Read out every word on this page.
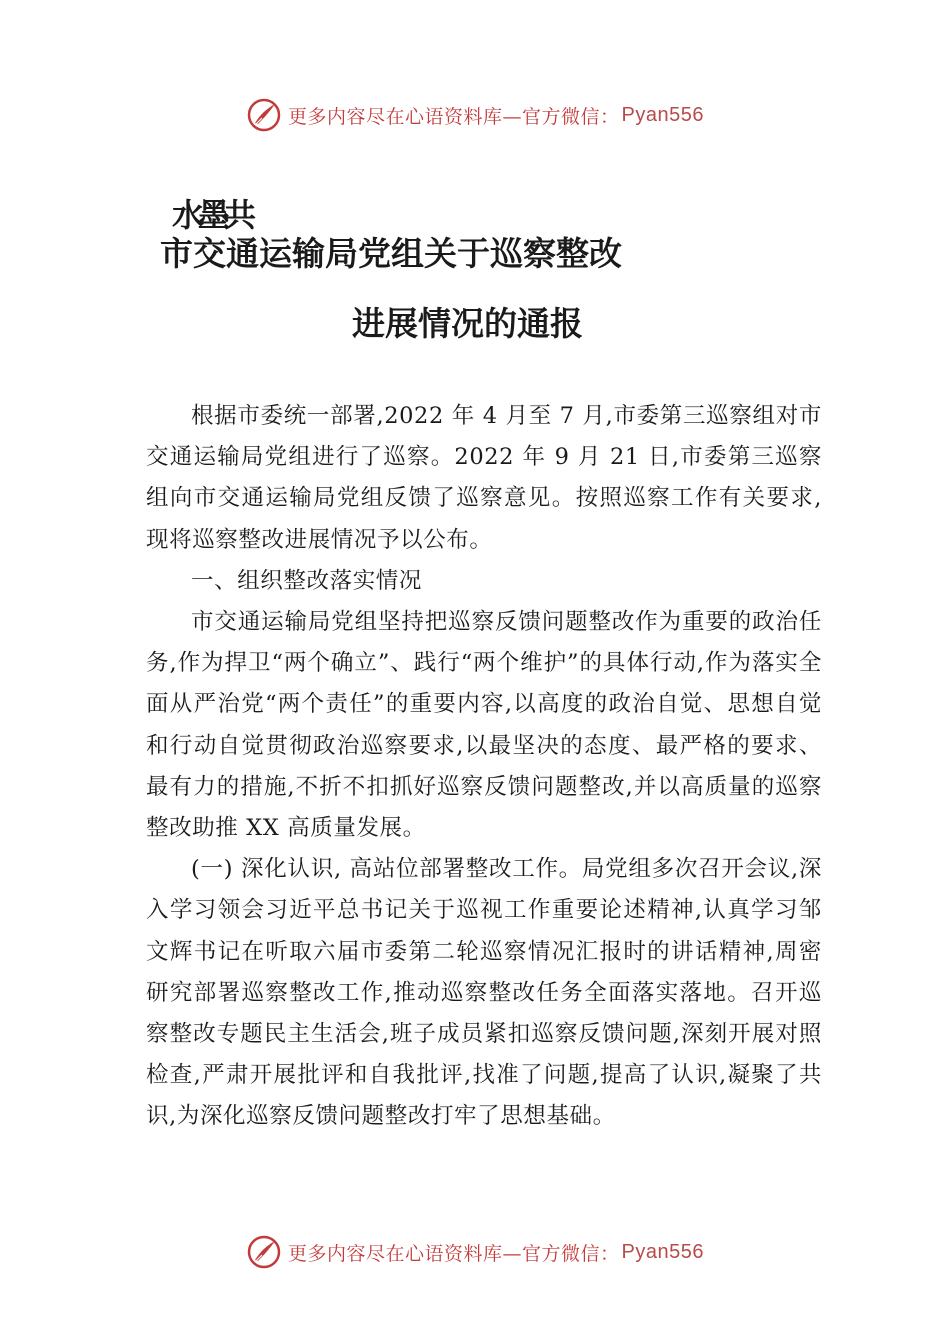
更多内容尽在心语资料库—官方微信： Pyan556
水墨共
市交通运输局党组关于巡察整改
进展情况的通报

根据市委统一部署,2022 年 4 月至 7 月,市委第三巡察组对市交通运输局党组进行了巡察。2022 年 9 月 21 日,市委第三巡察组向市交通运输局党组反馈了巡察意见。按照巡察工作有关要求,现将巡察整改进展情况予以公布。

一、组织整改落实情况

市交通运输局党组坚持把巡察反馈问题整改作为重要的政治任务,作为捍卫“两个确立”、践行“两个维护”的具体行动,作为落实全面从严治党“两个责任”的重要内容,以高度的政治自觉、思想自觉和行动自觉贯彻政治巡察要求,以最坚决的态度、最严格的要求、最有力的措施,不折不扣抓好巡察反馈问题整改,并以高质量的巡察整改助推 XX 高质量发展。

(一) 深化认识, 高站位部署整改工作。局党组多次召开会议,深入学习领会习近平总书记关于巡视工作重要论述精神,认真学习邹文辉书记在听取六届市委第二轮巡察情况汇报时的讲话精神,周密研究部署巡察整改工作,推动巡察整改任务全面落实落地。召开巡察整改专题民主生活会,班子成员紧扣巡察反馈问题,深刻开展对照检查,严肃开展批评和自我批评,找准了问题,提高了认识,凝聚了共识,为深化巡察反馈问题整改打牢了思想基础。

更多内容尽在心语资料库—官方微信： Pyan556
